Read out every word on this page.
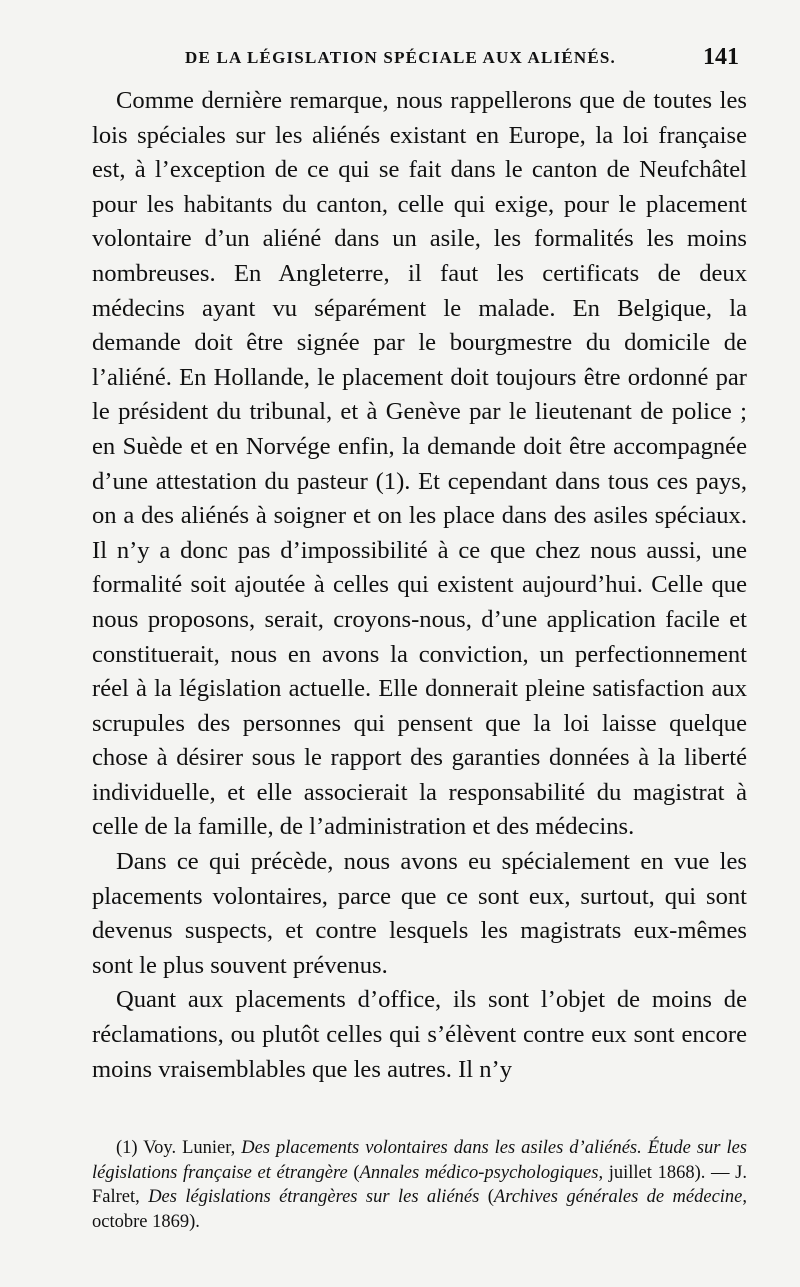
DE LA LÉGISLATION SPÉCIALE AUX ALIÉNÉS.	141

Comme dernière remarque, nous rappellerons que de toutes les lois spéciales sur les aliénés existant en Europe, la loi française est, à l’exception de ce qui se fait dans le canton de Neufchâtel pour les habitants du canton, celle qui exige, pour le placement volontaire d’un aliéné dans un asile, les formalités les moins nombreuses. En Angleterre, il faut les certificats de deux médecins ayant vu séparément le malade. En Belgique, la demande doit être signée par le bourgmestre du domicile de l’aliéné. En Hollande, le placement doit toujours être ordonné par le président du tribunal, et à Genève par le lieutenant de police ; en Suède et en Norvége enfin, la demande doit être accompagnée d’une attestation du pasteur (1). Et cependant dans tous ces pays, on a des aliénés à soigner et on les place dans des asiles spéciaux. Il n’y a donc pas d’impossibilité à ce que chez nous aussi, une formalité soit ajoutée à celles qui existent aujourd’hui. Celle que nous proposons, serait, croyons-nous, d’une application facile et constituerait, nous en avons la conviction, un perfectionnement réel à la législation actuelle. Elle donnerait pleine satisfaction aux scrupules des personnes qui pensent que la loi laisse quelque chose à désirer sous le rapport des garanties données à la liberté individuelle, et elle associerait la responsabilité du magistrat à celle de la famille, de l’administration et des médecins.

Dans ce qui précède, nous avons eu spécialement en vue les placements volontaires, parce que ce sont eux, surtout, qui sont devenus suspects, et contre lesquels les magistrats eux-mêmes sont le plus souvent prévenus.

Quant aux placements d’office, ils sont l’objet de moins de réclamations, ou plutôt celles qui s’élèvent contre eux sont encore moins vraisemblables que les autres. Il n’y

(1) Voy. Lunier, Des placements volontaires dans les asiles d’aliénés. Étude sur les législations française et étrangère (Annales médico-psychologiques, juillet 1868). — J. Falret, Des législations étrangères sur les aliénés (Archives générales de médecine, octobre 1869).
